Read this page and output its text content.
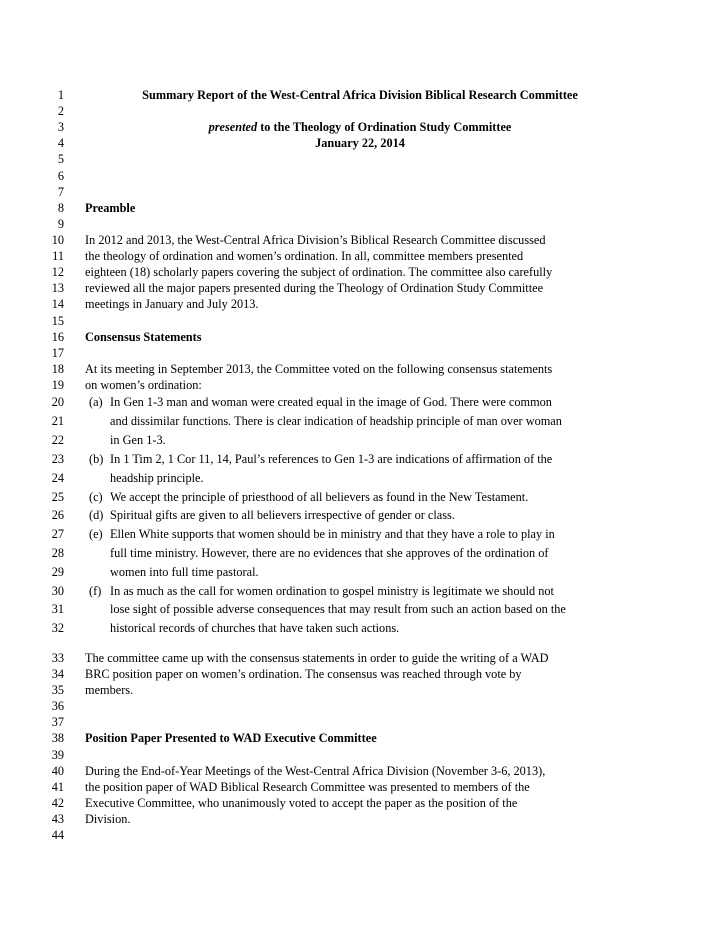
1
2
3
4
5
6
7
8
9
10
11
12
13
14
15
16
17
18
19
20
21
22
23
24
25
26
27
28
29
30
31
32
33
34
35
36
37
38
39
40
41
42
43
44
Summary Report of the West-Central Africa Division Biblical Research Committee
presented to the Theology of Ordination Study Committee
January 22, 2014
Preamble
In 2012 and 2013, the West-Central Africa Division’s Biblical Research Committee discussed
the theology of ordination and women’s ordination. In all, committee members presented
eighteen (18) scholarly papers covering the subject of ordination. The committee also carefully
reviewed all the major papers presented during the Theology of Ordination Study Committee
meetings in January and July 2013.
Consensus Statements
At its meeting in September 2013, the Committee voted on the following consensus statements
on women’s ordination:
(a) In Gen 1-3 man and woman were created equal in the image of God. There were common
and dissimilar functions. There is clear indication of headship principle of man over woman
in Gen 1-3.
(b) In 1 Tim 2, 1 Cor 11, 14, Paul’s references to Gen 1-3 are indications of affirmation of the
headship principle.
(c) We accept the principle of priesthood of all believers as found in the New Testament.
(d) Spiritual gifts are given to all believers irrespective of gender or class.
(e) Ellen White supports that women should be in ministry and that they have a role to play in
full time ministry. However, there are no evidences that she approves of the ordination of
women into full time pastoral.
(f) In as much as the call for women ordination to gospel ministry is legitimate we should not
lose sight of possible adverse consequences that may result from such an action based on the
historical records of churches that have taken such actions.
The committee came up with the consensus statements in order to guide the writing of a WAD
BRC position paper on women’s ordination. The consensus was reached through vote by
members.
Position Paper Presented to WAD Executive Committee
During the End-of-Year Meetings of the West-Central Africa Division (November 3-6, 2013),
the position paper of WAD Biblical Research Committee was presented to members of the
Executive Committee, who unanimously voted to accept the paper as the position of the
Division.
